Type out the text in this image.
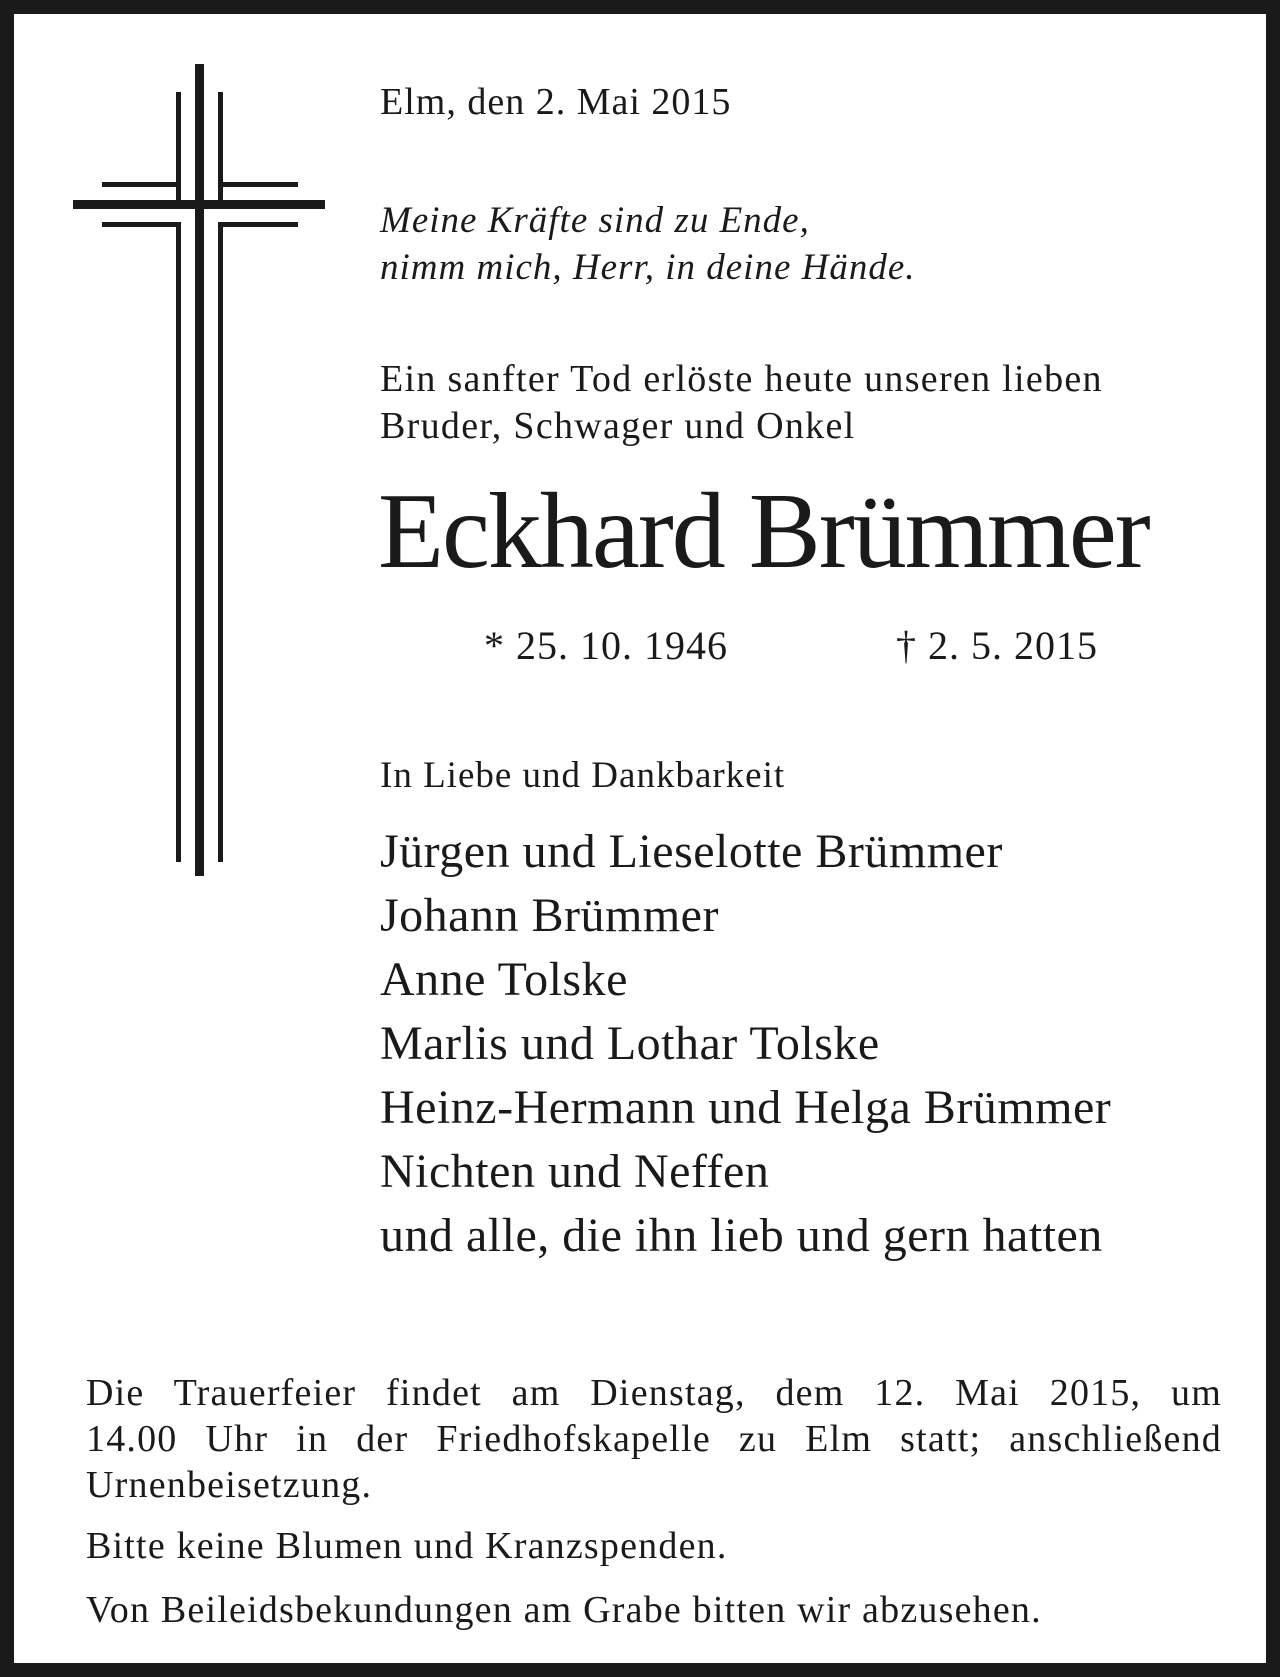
Elm, den 2. Mai 2015

Meine Kräfte sind zu Ende,
nimm mich, Herr, in deine Hände.
Ein sanfter Tod erlöste heute unseren lieben
Bruder, Schwager und Onkel
Eckhard Brümmer

* 25. 10. 1946	† 2. 5. 2015

In Liebe und Dankbarkeit

Jürgen und Lieselotte Brümmer
Johann Brümmer
Anne Tolske
Marlis und Lothar Tolske
Heinz-Hermann und Helga Brümmer
Nichten und Neffen
und alle, die ihn lieb und gern hatten
Die Trauerfeier findet am Dienstag, dem 12. Mai 2015, um
14.00 Uhr in der Friedhofskapelle zu Elm statt; anschließend
Urnenbeisetzung.

Bitte keine Blumen und Kranzspenden.

Von Beileidsbekundungen am Grabe bitten wir abzusehen.
